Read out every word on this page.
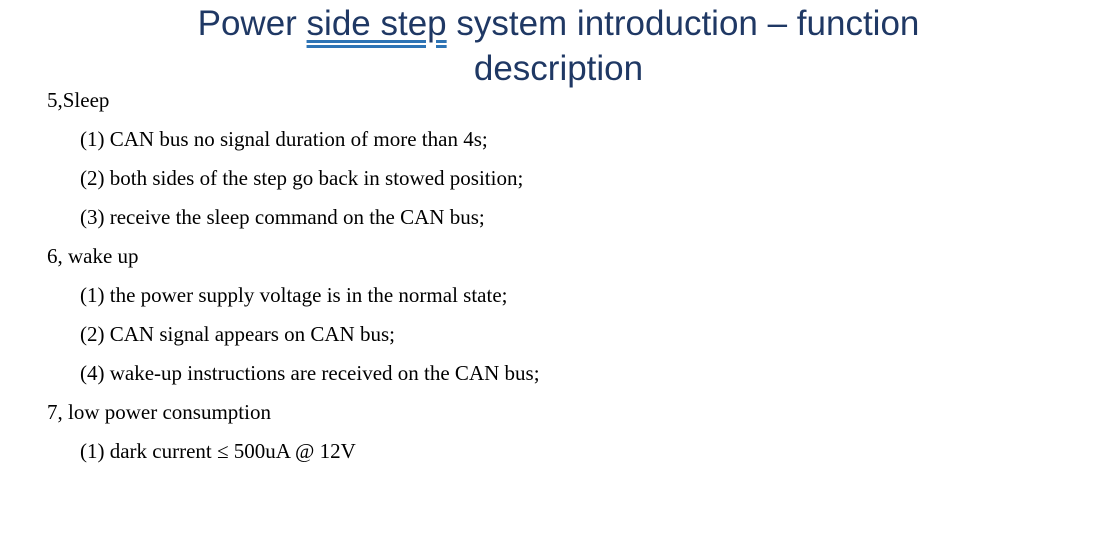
Power side step system introduction – function
description
5,Sleep
(1) CAN bus no signal duration of more than 4s;
(2) both sides of the step go back in stowed position;
(3) receive the sleep command on the CAN bus;
6, wake up
(1) the power supply voltage is in the normal state;
(2) CAN signal appears on CAN bus;
(4) wake-up instructions are received on the CAN bus;
7, low power consumption
(1) dark current ≤ 500uA @ 12V
